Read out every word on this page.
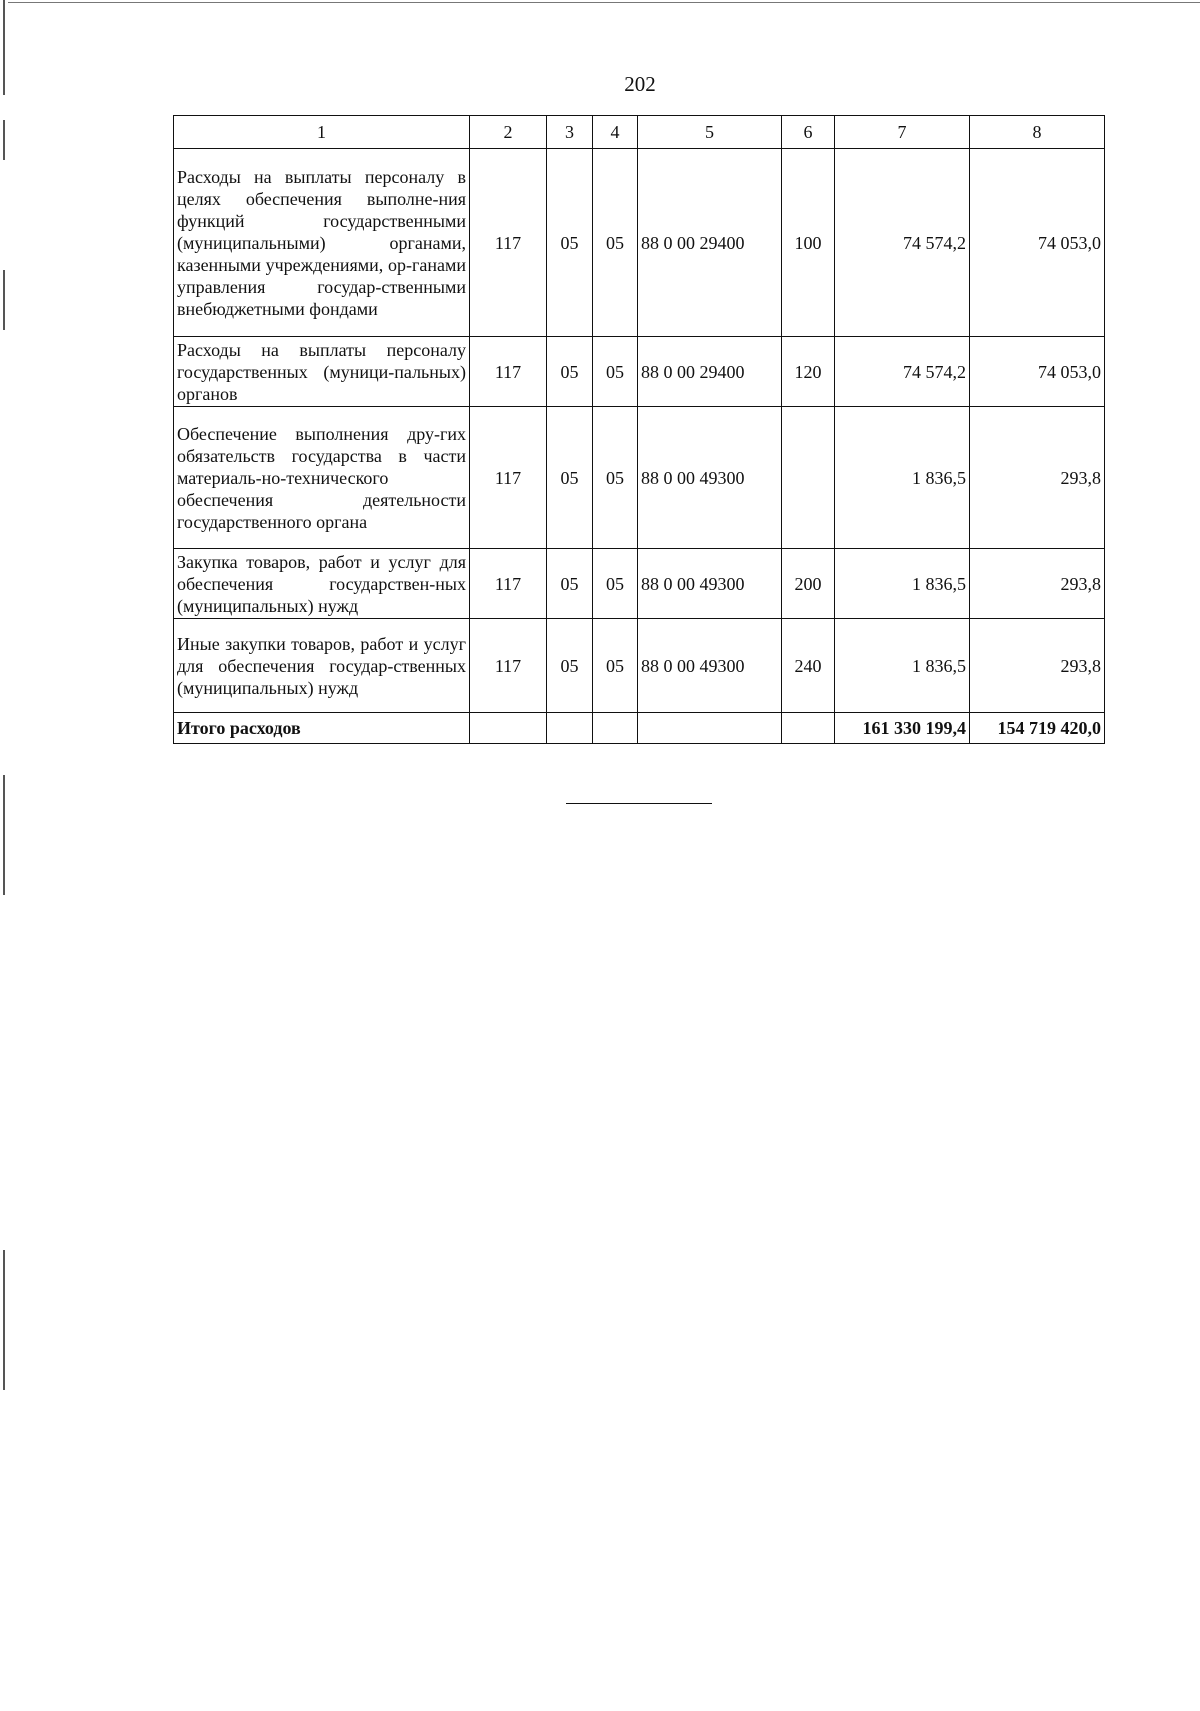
202
1	2	3	4	5	6	7	8
Расходы на выплаты персоналу в целях обеспечения выполне-ния функций государственными (муниципальными) органами, казенными учреждениями, ор-ганами управления государ-ственными внебюджетными фондами	117	05	05	88 0 00 29400	100	74 574,2	74 053,0
Расходы на выплаты персоналу государственных (муници-пальных) органов	117	05	05	88 0 00 29400	120	74 574,2	74 053,0
Обеспечение выполнения дру-гих обязательств государства в части материаль-но-технического обеспечения деятельности государственного органа	117	05	05	88 0 00 49300		1 836,5	293,8
Закупка товаров, работ и услуг для обеспечения государствен-ных (муниципальных) нужд	117	05	05	88 0 00 49300	200	1 836,5	293,8
Иные закупки товаров, работ и услуг для обеспечения государ-ственных (муниципальных) нужд	117	05	05	88 0 00 49300	240	1 836,5	293,8
Итого расходов						161 330 199,4	154 719 420,0
